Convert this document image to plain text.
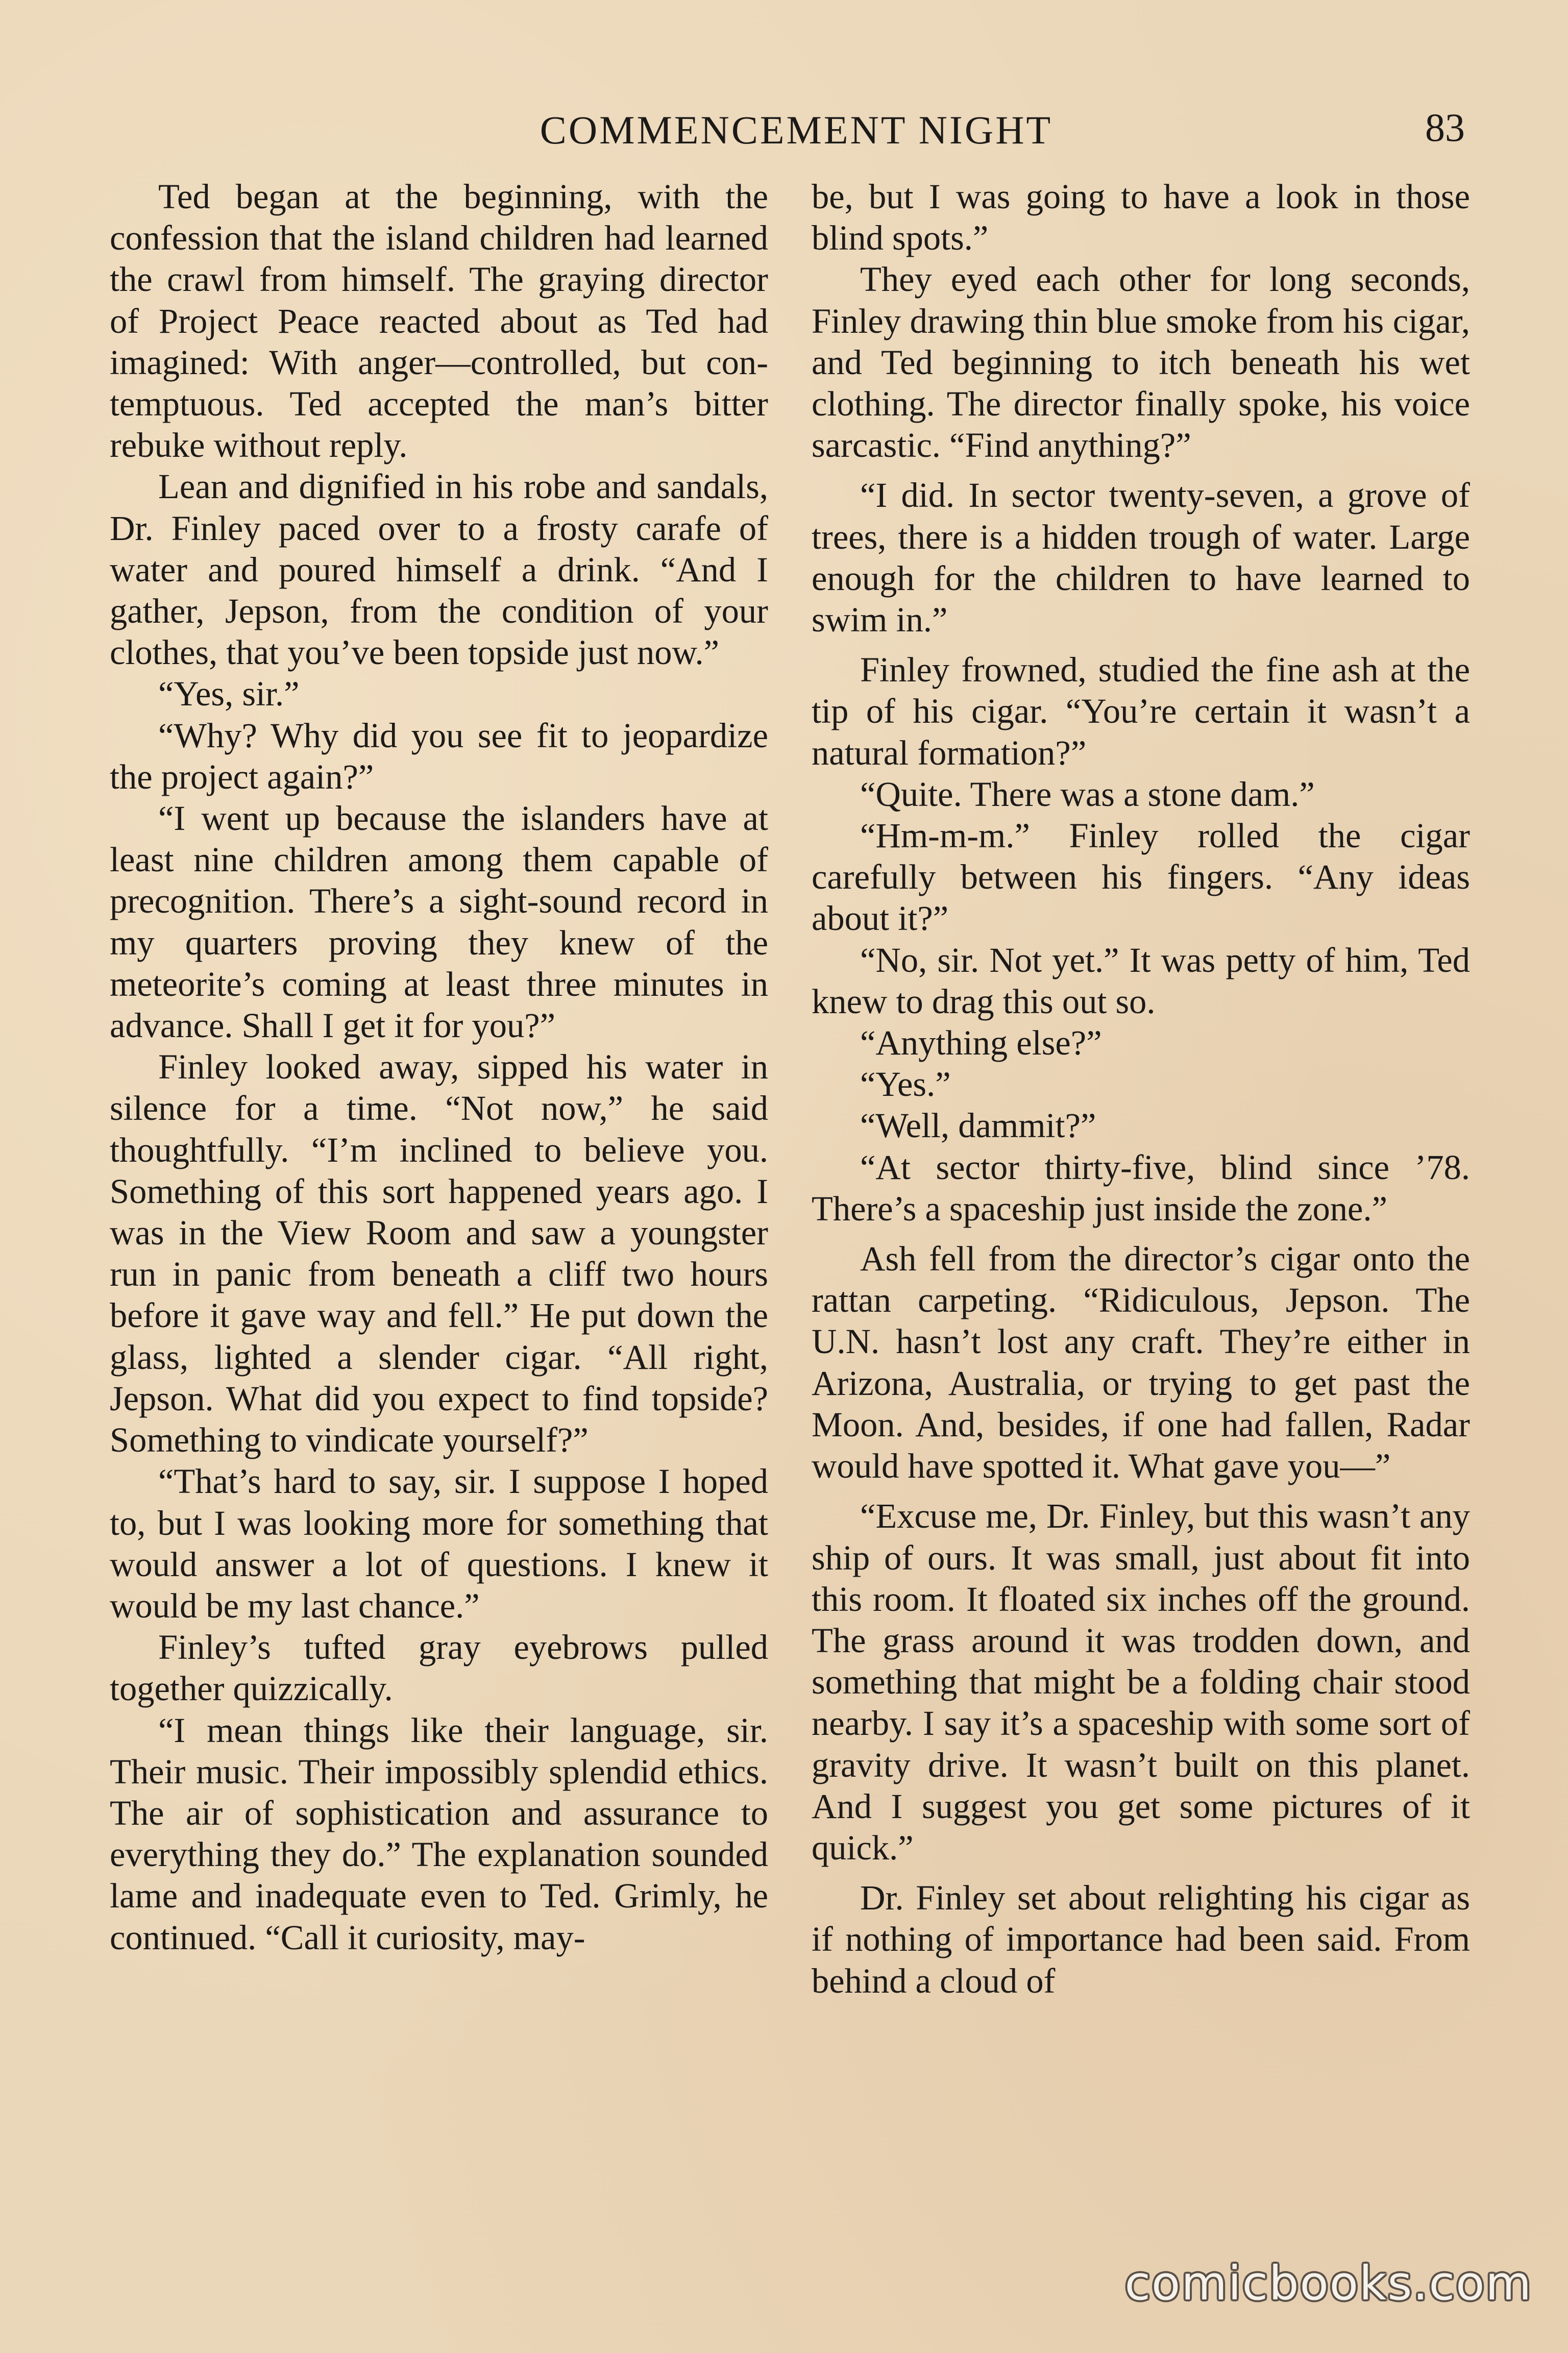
COMMENCEMENT NIGHT	83

Ted began at the beginning, with the confession that the island children had learned the crawl from himself. The graying director of Project Peace reacted about as Ted had imagined: With anger—controlled, but contemptuous. Ted accepted the man’s bitter rebuke without reply.

Lean and dignified in his robe and sandals, Dr. Finley paced over to a frosty carafe of water and poured himself a drink. “And I gather, Jepson, from the condition of your clothes, that you’ve been topside just now.”

“Yes, sir.”

“Why? Why did you see fit to jeopardize the project again?”

“I went up because the islanders have at least nine children among them capable of precognition. There’s a sight-sound record in my quarters proving they knew of the meteorite’s coming at least three minutes in advance. Shall I get it for you?”

Finley looked away, sipped his water in silence for a time. “Not now,” he said thoughtfully. “I’m inclined to believe you. Something of this sort happened years ago. I was in the View Room and saw a youngster run in panic from beneath a cliff two hours before it gave way and fell.” He put down the glass, lighted a slender cigar. “All right, Jepson. What did you expect to find topside? Something to vindicate yourself?”

“That’s hard to say, sir. I suppose I hoped to, but I was looking more for something that would answer a lot of questions. I knew it would be my last chance.”

Finley’s tufted gray eyebrows pulled together quizzically.

“I mean things like their language, sir. Their music. Their impossibly splendid ethics. The air of sophistication and assurance to everything they do.” The explanation sounded lame and inadequate even to Ted. Grimly, he continued. “Call it curiosity, may-

be, but I was going to have a look in those blind spots.”

They eyed each other for long seconds, Finley drawing thin blue smoke from his cigar, and Ted beginning to itch beneath his wet clothing. The director finally spoke, his voice sarcastic. “Find anything?”

“I did. In sector twenty-seven, a grove of trees, there is a hidden trough of water. Large enough for the children to have learned to swim in.”

Finley frowned, studied the fine ash at the tip of his cigar. “You’re certain it wasn’t a natural formation?”

“Quite. There was a stone dam.”

“Hm-m-m.” Finley rolled the cigar carefully between his fingers. “Any ideas about it?”

“No, sir. Not yet.” It was petty of him, Ted knew to drag this out so.

“Anything else?”

“Yes.”

“Well, dammit?”

“At sector thirty-five, blind since ’78. There’s a spaceship just inside the zone.”

Ash fell from the director’s cigar onto the rattan carpeting. “Ridiculous, Jepson. The U.N. hasn’t lost any craft. They’re either in Arizona, Australia, or trying to get past the Moon. And, besides, if one had fallen, Radar would have spotted it. What gave you—”

“Excuse me, Dr. Finley, but this wasn’t any ship of ours. It was small, just about fit into this room. It floated six inches off the ground. The grass around it was trodden down, and something that might be a folding chair stood nearby. I say it’s a spaceship with some sort of gravity drive. It wasn’t built on this planet. And I suggest you get some pictures of it quick.”

Dr. Finley set about relighting his cigar as if nothing of importance had been said. From behind a cloud of

comicbooks.com
